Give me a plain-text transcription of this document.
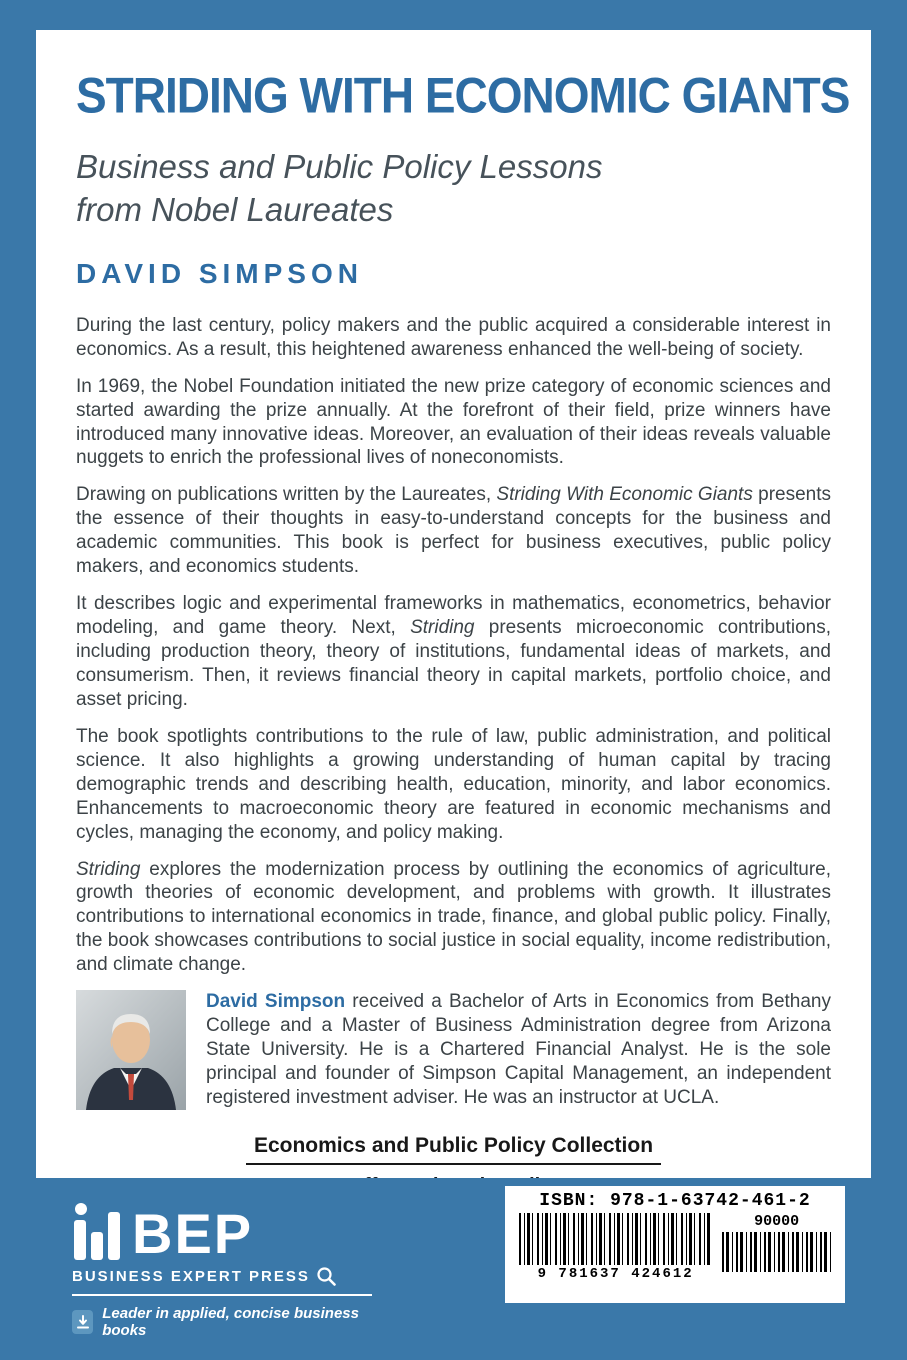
STRIDING WITH ECONOMIC GIANTS
Business and Public Policy Lessons
from Nobel Laureates
DAVID SIMPSON

During the last century, policy makers and the public acquired a considerable interest in economics. As a result, this heightened awareness enhanced the well-being of society.

In 1969, the Nobel Foundation initiated the new prize category of economic sciences and started awarding the prize annually. At the forefront of their field, prize winners have introduced many innovative ideas. Moreover, an evaluation of their ideas reveals valuable nuggets to enrich the professional lives of noneconomists.

Drawing on publications written by the Laureates, Striding With Economic Giants presents the essence of their thoughts in easy-to-understand concepts for the business and academic communities. This book is perfect for business executives, public policy makers, and economics students.

It describes logic and experimental frameworks in mathematics, econometrics, behavior modeling, and game theory. Next, Striding presents microeconomic contributions, including production theory, theory of institutions, fundamental ideas of markets, and consumerism. Then, it reviews financial theory in capital markets, portfolio choice, and asset pricing.

The book spotlights contributions to the rule of law, public administration, and political science. It also highlights a growing understanding of human capital by tracing demographic trends and describing health, education, minority, and labor economics. Enhancements to macroeconomic theory are featured in economic mechanisms and cycles, managing the economy, and policy making.

Striding explores the modernization process by outlining the economics of agriculture, growth theories of economic development, and problems with growth. It illustrates contributions to international economics in trade, finance, and global public policy. Finally, the book showcases contributions to social justice in social equality, income redistribution, and climate change.

David Simpson received a Bachelor of Arts in Economics from Bethany College and a Master of Business Administration degree from Arizona State University. He is a Chartered Financial Analyst. He is the sole principal and founder of Simpson Capital Management, an independent registered investment adviser. He was an instructor at UCLA.
Economics and Public Policy Collection
BEP
BUSINESS EXPERT PRESS
Leader in applied, concise business books
ISBN: 978-1-63742-461-2
9 781637 424612
90000
